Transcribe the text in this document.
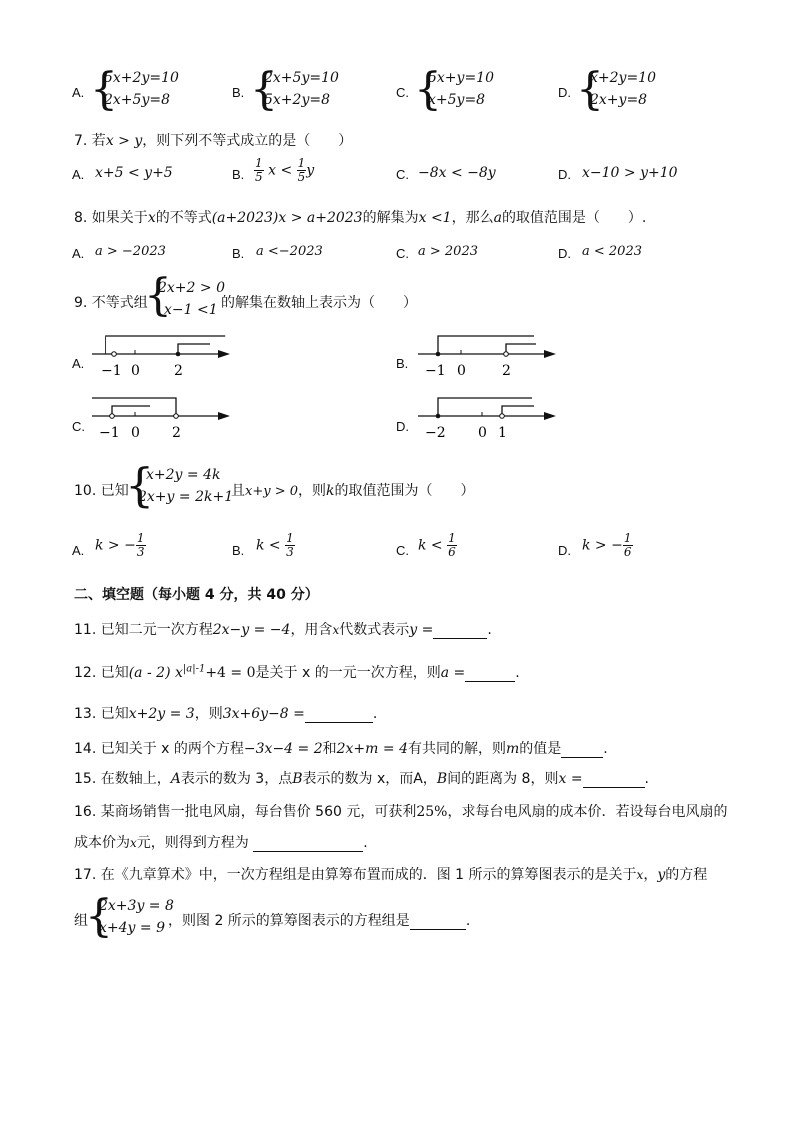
A. {
5x+2y=10
2x+5y=8	B. {
2x+5y=10
5x+2y=8	C. {
5x+y=10
x+5y=8	D. {
x+2y=10
2x+y=8
7. 若x > y，则下列不等式成立的是（　　）
A. x+5 < y+5	B. $\frac{1}{5}$ $x < \frac{1}{5}$ y	C. −8x < −8y	D. x−10 > y+10
8. 如果关于x的不等式(a+2023)x > a+2023的解集为x <1，那么a的取值范围是（　　）.
A. a > −2023	B. a <−2023	C. a > 2023	D. a < 2023
9. 不等式组
{
2x+2 > 0
x−1 <1 的解集在数轴上表示为（　　）
A. −1 0 2	B. −1 0	2
C. −1 0 2	D. −2 0 1
10. 已知
{
x+2y = 4k
2x+y = 2k+1
且x+y > 0，则k的取值范围为（　　）
A. k > − $\frac{1}{3}$	B. $k < \frac{1}{3}$	C. $k < \frac{1}{6}$	D. k > − $\frac{1}{6}$
二、填空题（每小题 4 分，共 40 分）
11. 已知二元一次方程2x−y = −4，用含x代数式表示y =	.
12. 已知(a - 2) $x^{|a|-1}+4 = 0$是关于 x 的一元一次方程，则a =	.
13. 已知x+2y = 3，则3x+6y−8 =	.
14. 已知关于 x 的两个方程−3x−4 = 2和2x+m = 4有共同的解，则m的值是	.
15. 在数轴上，A表示的数为 3，点B表示的数为 x，而A，B间的距离为 8，则x =	.
16. 某商场销售一批电风扇，每台售价 560 元，可获利25%，求每台电风扇的成本价．若设每台电风扇的
成本价为x元，则得到方程为	.
17. 在《九章算术》中，一次方程组是由算筹布置而成的．图 1 所示的算筹图表示的是关于x，y的方程
组
{
2x+3y = 8
x+4y = 9 ，则图 2 所示的算筹图表示的方程组是	.
